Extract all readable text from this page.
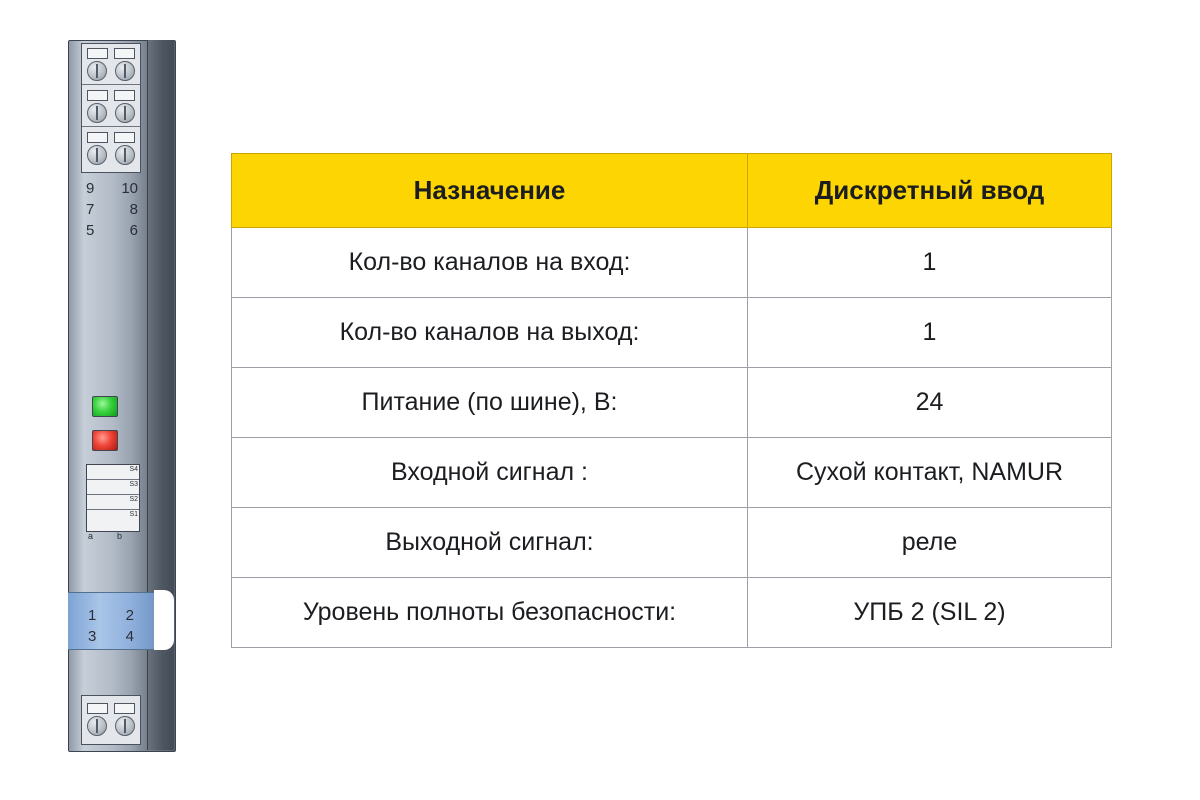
9 10
7 8
5 6
S4
S3
S2
S1
a	b
1 2
3 4
Назначение	Дискретный ввод
Кол-во каналов на вход:	1
Кол-во каналов на выход:	1
Питание (по шине), В:	24
Входной сигнал :	Сухой контакт, NAMUR
Выходной сигнал:	реле
Уровень полноты безопасности:	УПБ 2 (SIL 2)
